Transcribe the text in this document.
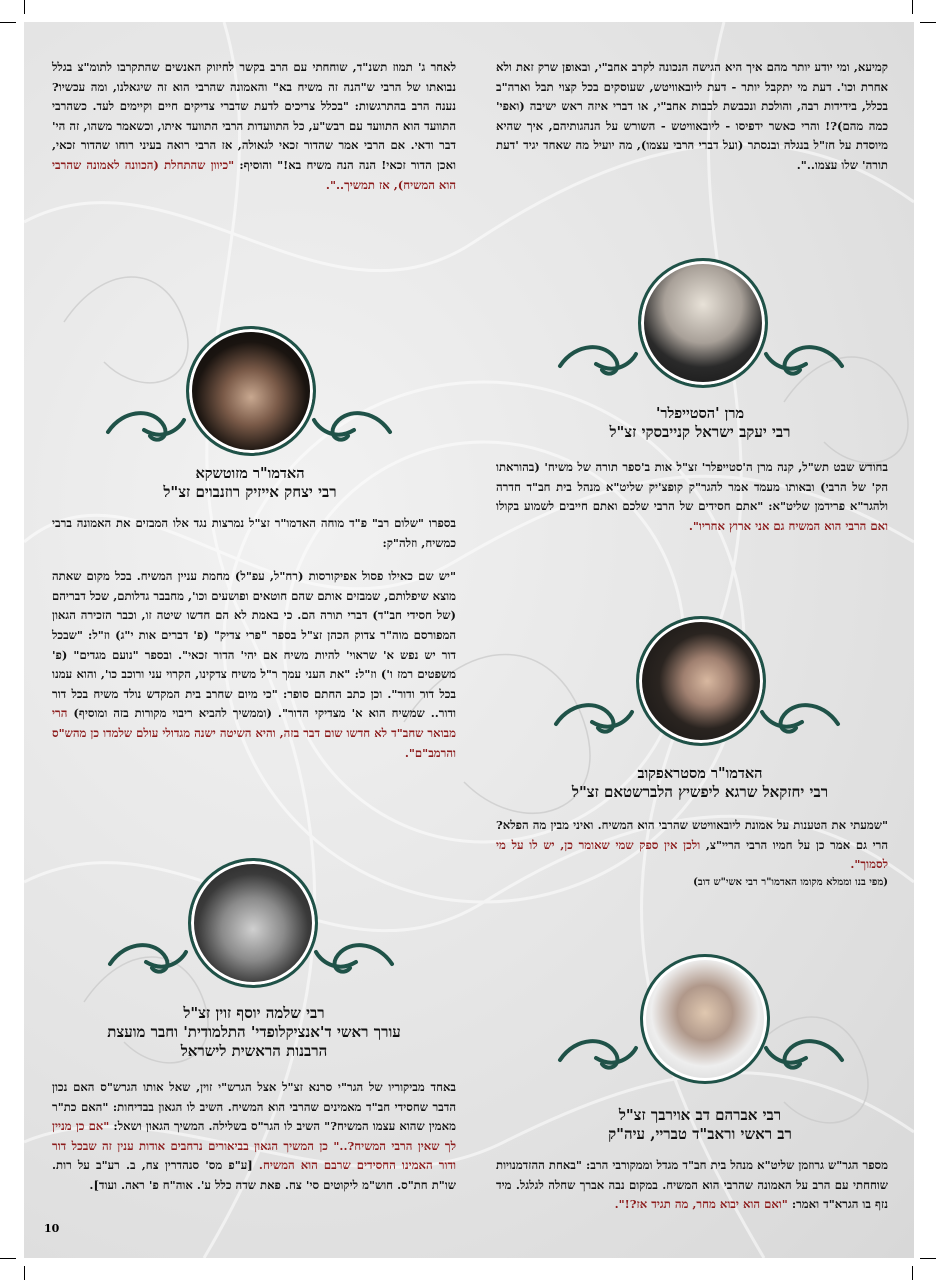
קמיעא, ומי יודע יותר מהם איך היא הגישה הנכונה לקרב אחב"י, ובאופן שרק זאת ולא אחרת וכו'. דעת מי יתקבל יותר - דעת ליובאוויטש, שעוסקים בכל קצוי תבל וארה"ב בכלל, בידידות רבה, והולכת ונכבשת לבבות אחב"י, או דברי איזה ראש ישיבה (ואפי' כמה מהם)?! והרי כאשר ידפיסו - ליובאוויטש - השורש על הנהגותיהם, איך שהיא מיוסדת על חז"ל בנגלה ובנסתר (ועל דברי הרבי עצמו), מה יועיל מה שאחד יגיד 'דעת תורה' שלו עצמו..".

לאחר ג' תמוז תשנ"ד, שוחחתי עם הרב בקשר לחיזוק האנשים שהתקרבו לתומ"צ בגלל נבואתו של הרבי ש"הנה זה משיח בא" והאמונה שהרבי הוא זה שיגאלנו, ומה עכשיו? נענה הרב בהתרגשות: "בכלל צריכים לדעת שדברי צדיקים חיים וקיימים לעד. כשהרבי התוועד הוא התוועד עם רבש"ע, כל התוועדות הרבי התוועד איתו, וכשאמר משהו, זה הי' דבר ודאי. אם הרבי אמר שהדור זכאי לגאולה, אז הרבי רואה בעיני רוחו שהדור זכאי, ואכן הדור זכאי! הנה הנה משיח בא!" והוסיף: "כיוון שהתחלת (הכוונה לאמונה שהרבי הוא המשיח), אז תמשיך..".

מרן 'הסטייפלר'
רבי יעקב ישראל קנייבסקי זצ"ל

בחודש שבט תש"ל, קנה מרן ה'סטייפלר' זצ"ל אות ב'ספר תורה של משיח' (בהוראתו הק' של הרבי) ובאותו מעמד אמר להגר"ק קופצ'יק שליט"א מנהל בית חב"ד חדרה ולהגר"א פרידמן שליט"א: "אתם חסידים של הרבי שלכם ואתם חייבים לשמוע בקולו ואם הרבי הוא המשיח גם אני ארוץ אחריו".

האדמו"ר מזוטשקא
רבי יצחק אייזיק רוזנבוים זצ"ל

בספרו "שלום רב" פ"ד מוחה האדמו"ר זצ"ל נמרצות נגד אלו המבזים את האמונה ברבי כמשיח, וזלה"ק:

"יש שם כאילו פסול אפיקורסות (רח"ל, עפ"ל) מחמת עניין המשיח. בכל מקום שאתה מוצא שיפלותם, שמבזים אותם שהם חוטאים ופושעים וכו', מחבבר גדלותם, שכל דבריהם (של חסידי חב"ד) דברי תורה הם. כי באמת לא הם חדשו שיטה זו, וכבר הזכירה הגאון המפורסם מוה"ר צדוק הכהן זצ"ל בספר "פרי צדיק" (פ' דברים אות י"ג) וז"ל: "שבכל דור יש נפש א' שראוי' להיות משיח אם יהי' הדור זכאי". ובספר "נועם מגדים" (פ' משפטים רמז ו') וז"ל: "את העני עמך ר"ל משיח צדקינו, הקרוי עני ורוכב כו', והוא עמנו בכל דור ודור". וכן כתב החתם סופר: "כי מיום שחרב בית המקדש נולד משיח בכל דור ודור.. שמשיח הוא א' מצדיקי הדור". (וממשיך להביא ריבוי מקורות בזה ומוסיף) הרי מבואר שחב"ד לא חדשו שום דבר בזה, והיא השיטה ישנה מגדולי עולם שלמדו כן מהש"ס והרמב"ם".

האדמו"ר מסטראפקוב
רבי יחזקאל שרגא ליפשיץ הלברשטאם זצ"ל

"שמעתי את הטענות על אמונת ליובאוויטש שהרבי הוא המשיח. ואיני מבין מה הפלא? הרי גם אמר כן על חמיו הרבי הריי"צ, ולכן אין ספק שמי שאומר כן, יש לו על מי לסמוך".

(מפי בנו וממלא מקומו האדמו"ר רבי אשי"ש דוב)
רבי שלמה יוסף זוין זצ"ל
עורך ראשי ד'אנציקלופדי' התלמודית' וחבר מועצת
הרבנות הראשית לישראל

באחד מביקוריו של הגר"י סרנא זצ"ל אצל הגרש"י זוין, שאל אותו הגרש"ס האם נכון הדבר שחסידי חב"ד מאמינים שהרבי הוא המשיח. השיב לו הגאון בבדיחות: "האם כת"ר מאמין שהוא עצמו המשיח?" השיב לו הגר"ס בשלילה. המשיך הגאון ושאל: "אם כן מניין לך שאין הרבי המשיח?.." כן המשיך הגאון בביאורים נרחבים אודות ענין זה שבכל דור ודור האמינו החסידים שרבם הוא המשיח. [ע"פ מס' סנהדרין צח, ב. רע"ב על רות. שו"ת חת"ס. חוש"מ ליקוטים סי' צח. פאת שדה כלל ע'. אוה"ח פ' ראה. ועוד].

רבי אברהם דב אוירבך זצ"ל
רב ראשי וראב"ד טבריי, עיה"ק

מספר הגר"ש גרוזמן שליט"א מנהל בית חב"ד מגדל וממקורבי הרב: "באחת ההזדמנויות שוחחתי עם הרב על האמונה שהרבי הוא המשיח. במקום נבה אברך שחלה לגלגל. מיד נזף בו הגרא"ד ואמר: "ואם הוא יבוא מחר, מה תגיד אז?!".

10
